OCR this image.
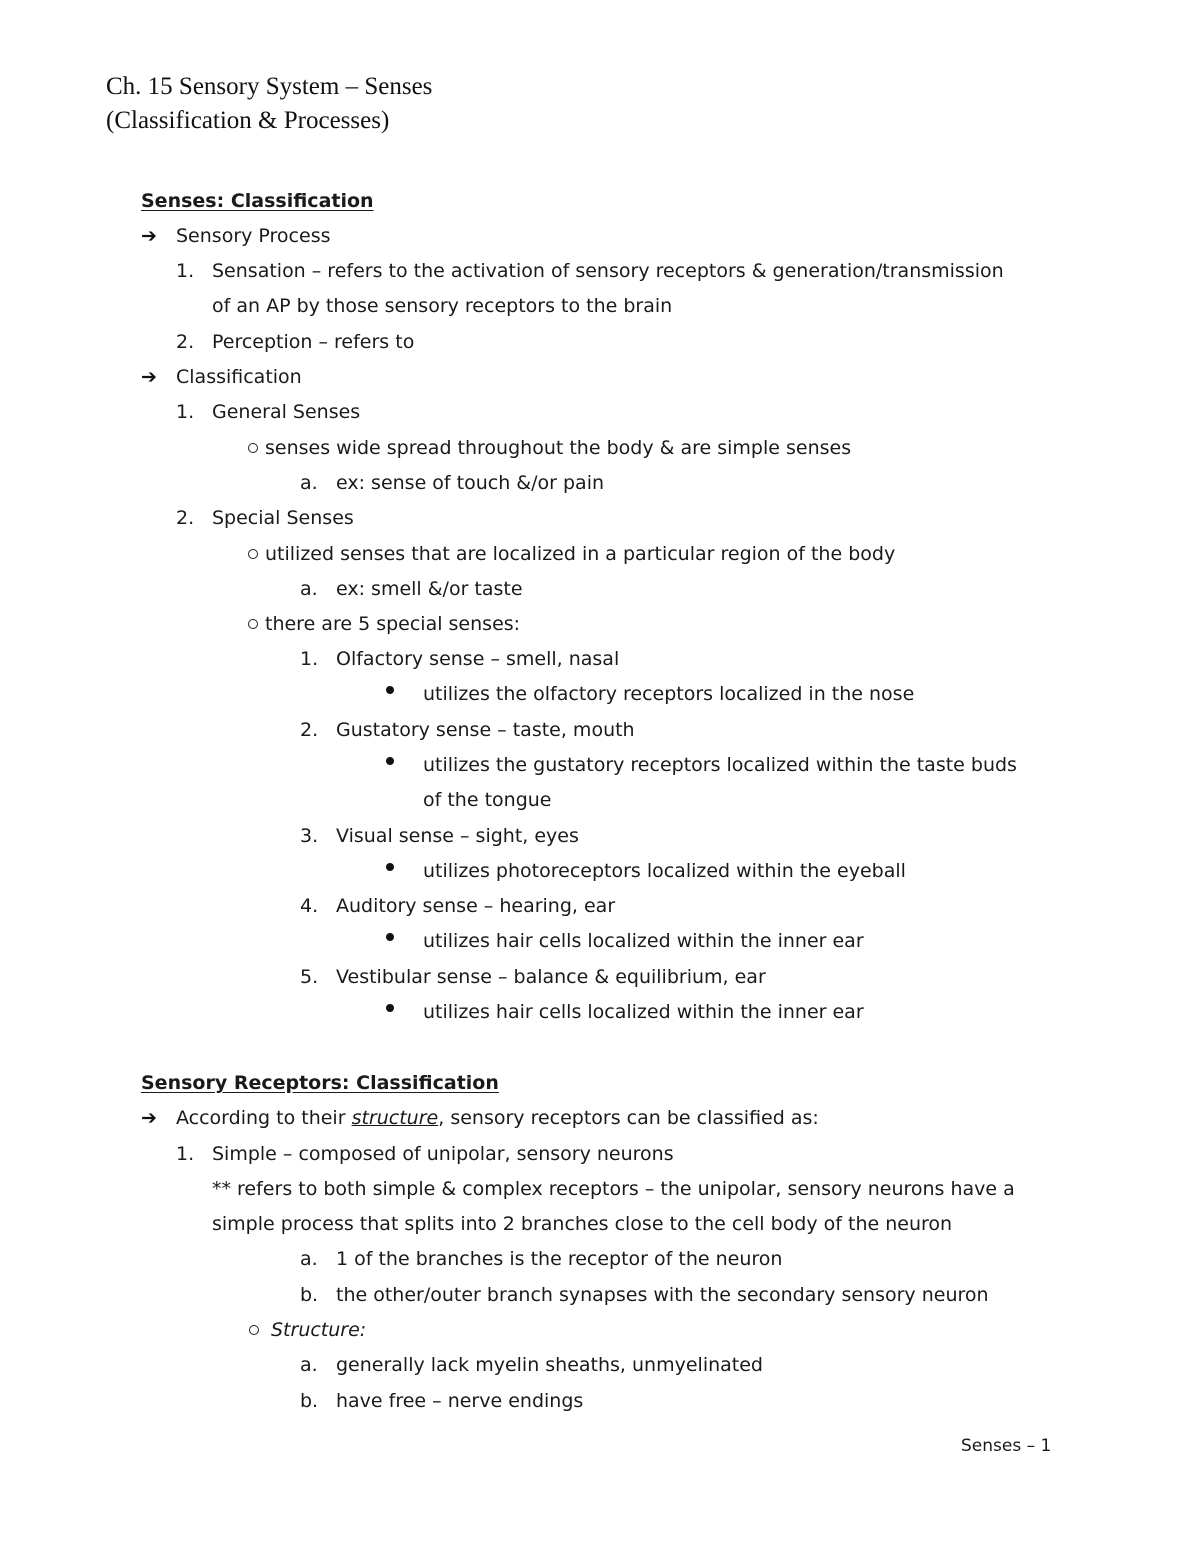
Ch. 15 Sensory System – Senses
(Classification & Processes)
Senses: Classification
➔ Sensory Process
1. Sensation – refers to the activation of sensory receptors & generation/transmission
of an AP by those sensory receptors to the brain
2. Perception – refers to
➔ Classification
1. General Senses
senses wide spread throughout the body & are simple senses
a. ex: sense of touch &/or pain
2. Special Senses
utilized senses that are localized in a particular region of the body
a. ex: smell &/or taste
there are 5 special senses:
1. Olfactory sense – smell, nasal
utilizes the olfactory receptors localized in the nose
2. Gustatory sense – taste, mouth
utilizes the gustatory receptors localized within the taste buds
of the tongue
3. Visual sense – sight, eyes
utilizes photoreceptors localized within the eyeball
4. Auditory sense – hearing, ear
utilizes hair cells localized within the inner ear
5. Vestibular sense – balance & equilibrium, ear
utilizes hair cells localized within the inner ear
Sensory Receptors: Classification
➔ According to their structure, sensory receptors can be classified as:
1. Simple – composed of unipolar, sensory neurons
** refers to both simple & complex receptors – the unipolar, sensory neurons have a
simple process that splits into 2 branches close to the cell body of the neuron
a. 1 of the branches is the receptor of the neuron
b. the other/outer branch synapses with the secondary sensory neuron
Structure:
a. generally lack myelin sheaths, unmyelinated
b. have free – nerve endings
Senses – 1
